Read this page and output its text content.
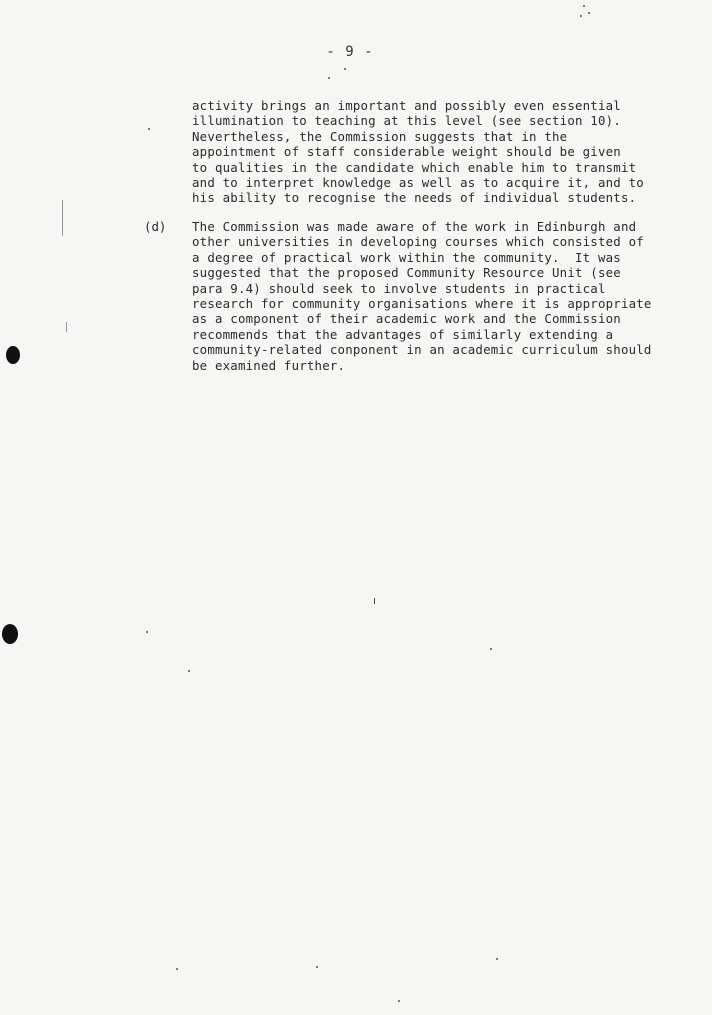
- 9 -
activity brings an important and possibly even essential
illumination to teaching at this level (see section 10).
Nevertheless, the Commission suggests that in the
appointment of staff considerable weight should be given
to qualities in the candidate which enable him to transmit
and to interpret knowledge as well as to acquire it, and to
his ability to recognise the needs of individual students.
(d) The Commission was made aware of the work in Edinburgh and
other universities in developing courses which consisted of
a degree of practical work within the community.  It was
suggested that the proposed Community Resource Unit (see
para 9.4) should seek to involve students in practical
research for community organisations where it is appropriate
as a component of their academic work and the Commission
recommends that the advantages of similarly extending a
community-related conponent in an academic curriculum should
be examined further.
